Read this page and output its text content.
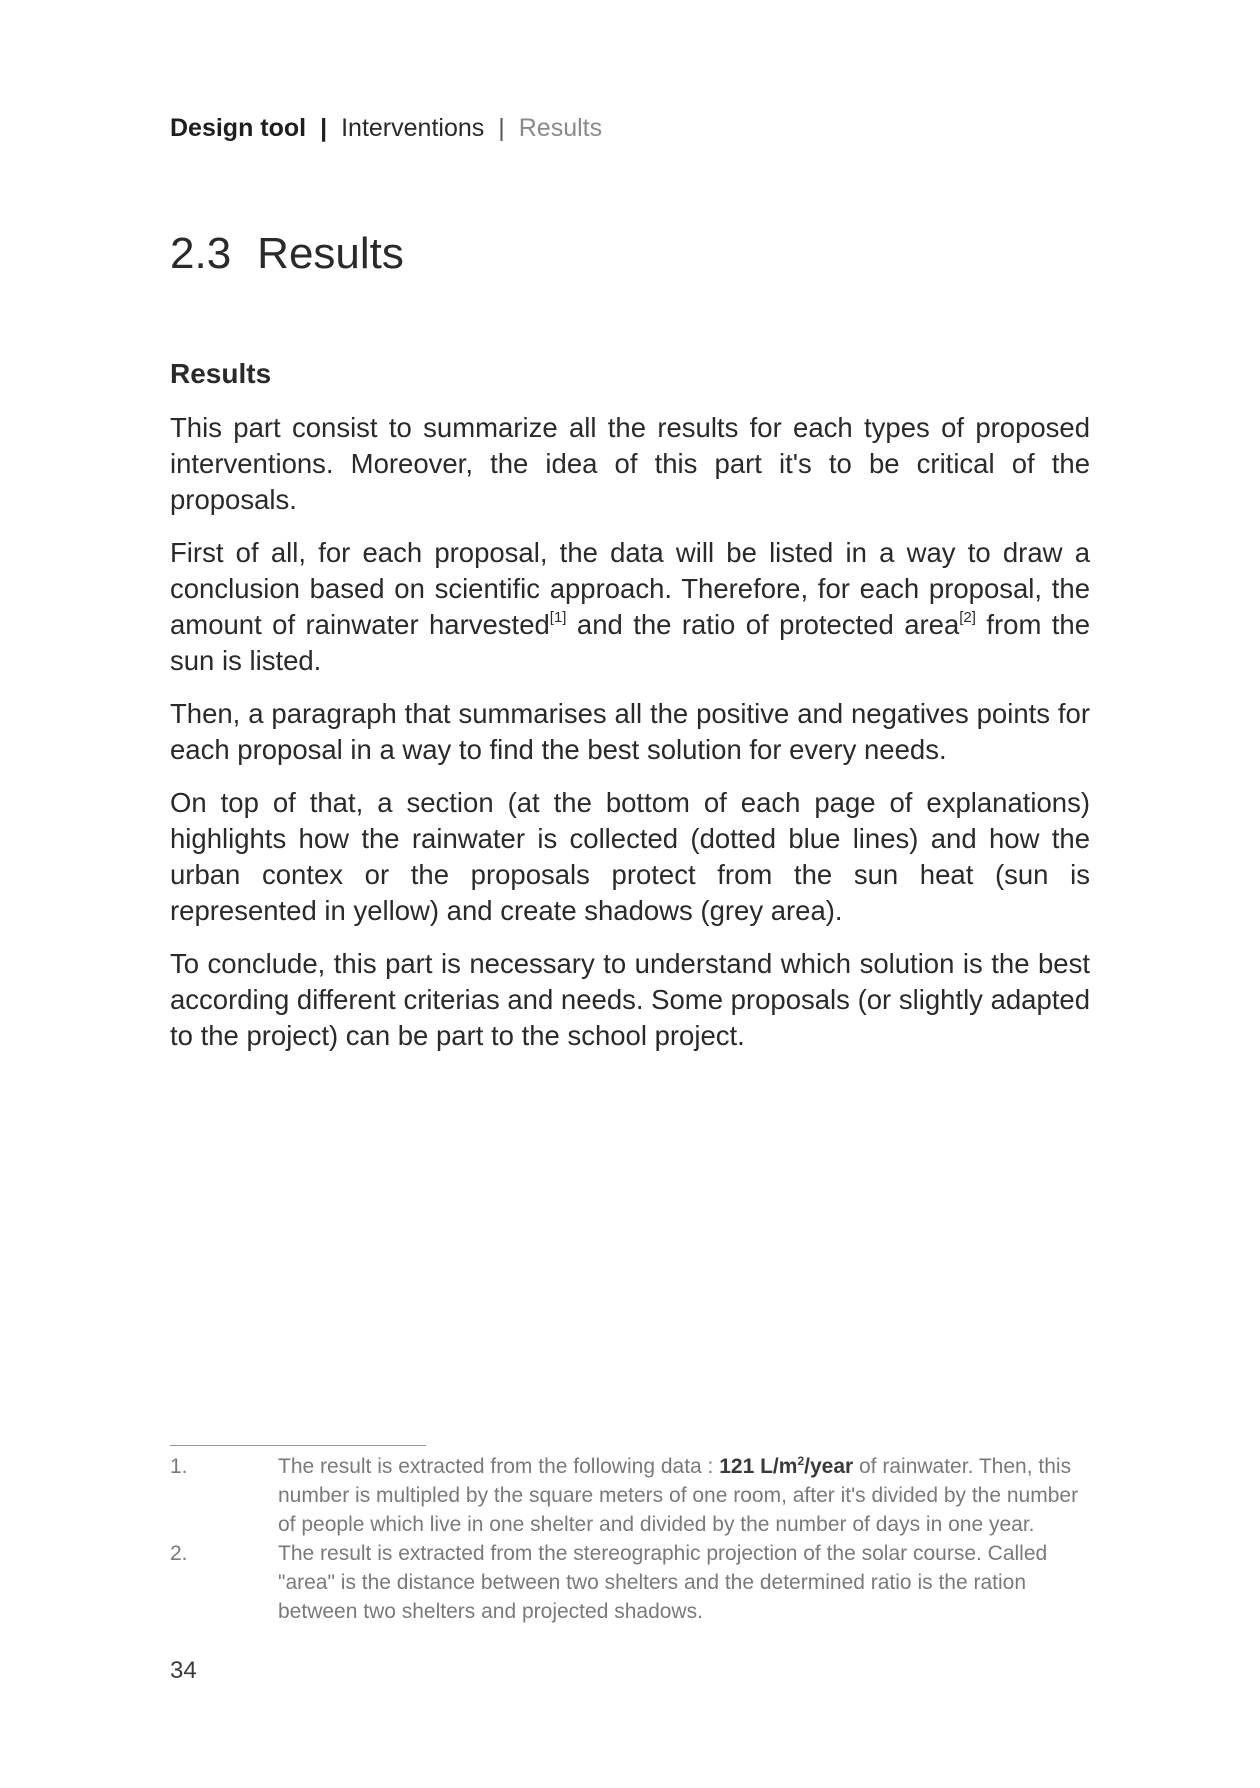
Design tool | Interventions | Results
2.3 Results
Results

This part consist to summarize all the results for each types of proposed interventions. Moreover, the idea of this part it's to be critical of the proposals.

First of all, for each proposal, the data will be listed in a way to draw a conclusion based on scientific approach. Therefore, for each proposal, the amount of rainwater harvested[1] and the ratio of protected area[2] from the sun is listed.

Then, a paragraph that summarises all the positive and negatives points for each proposal in a way to find the best solution for every needs.

On top of that, a section (at the bottom of each page of explanations) highlights how the rainwater is collected (dotted blue lines) and how the urban contex or the proposals protect from the sun heat (sun is represented in yellow) and create shadows (grey area).

To conclude, this part is necessary to understand which solution is the best according different criterias and needs. Some proposals (or slightly adapted to the project) can be part to the school project.

1.	The result is extracted from the following data : 121 $L/m^2$/year of rainwater. Then, this number is multipled by the square meters of one room, after it's divided by the number of people which live in one shelter and divided by the number of days in one year.
2.	The result is extracted from the stereographic projection of the solar course. Called "area" is the distance between two shelters and the determined ratio is the ration between two shelters and projected shadows.
34
